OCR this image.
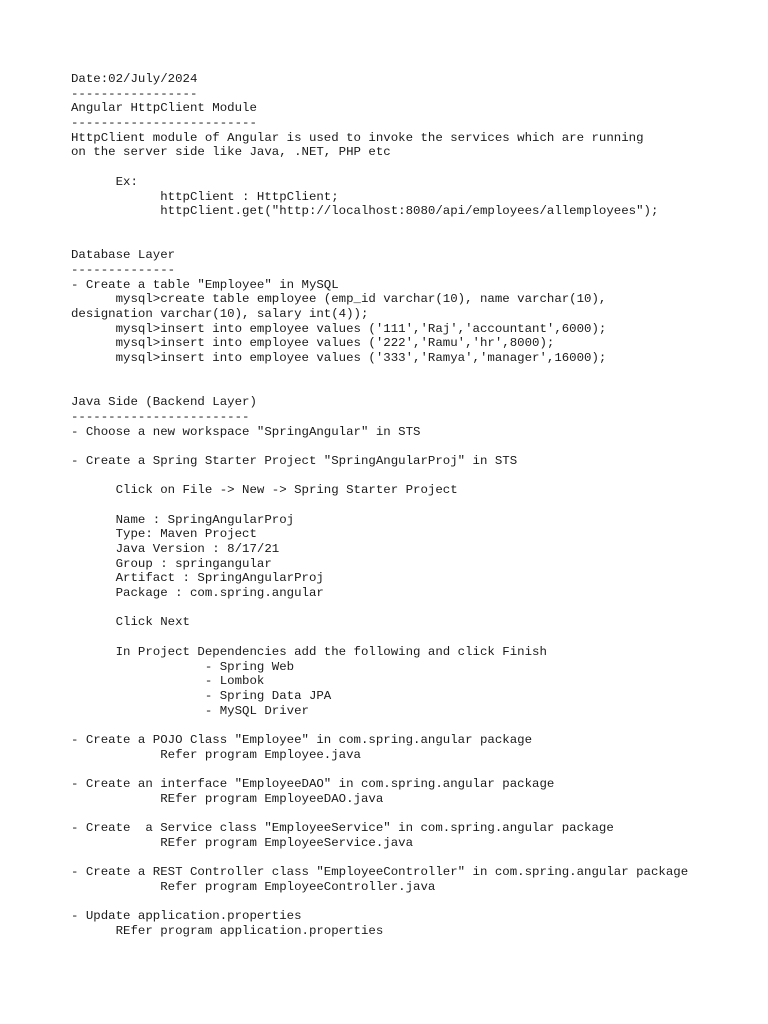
Date:02/July/2024
-----------------
Angular HttpClient Module
-------------------------
HttpClient module of Angular is used to invoke the services which are running
on the server side like Java, .NET, PHP etc
Ex:
httpClient : HttpClient;
httpClient.get("http://localhost:8080/api/employees/allemployees");
Database Layer
--------------
- Create a table "Employee" in MySQL
mysql>create table employee (emp_id varchar(10), name varchar(10),
designation varchar(10), salary int(4));
mysql>insert into employee values ('111','Raj','accountant',6000);
mysql>insert into employee values ('222','Ramu','hr',8000);
mysql>insert into employee values ('333','Ramya','manager',16000);
Java Side (Backend Layer)
------------------------
- Choose a new workspace "SpringAngular" in STS
- Create a Spring Starter Project "SpringAngularProj" in STS
Click on File -> New -> Spring Starter Project
Name : SpringAngularProj
Type: Maven Project
Java Version : 8/17/21
Group : springangular
Artifact : SpringAngularProj
Package : com.spring.angular
Click Next
In Project Dependencies add the following and click Finish
- Spring Web
- Lombok
- Spring Data JPA
- MySQL Driver
- Create a POJO Class "Employee" in com.spring.angular package
Refer program Employee.java
- Create an interface "EmployeeDAO" in com.spring.angular package
REfer program EmployeeDAO.java
- Create  a Service class "EmployeeService" in com.spring.angular package
REfer program EmployeeService.java
- Create a REST Controller class "EmployeeController" in com.spring.angular package
Refer program EmployeeController.java
- Update application.properties
REfer program application.properties
